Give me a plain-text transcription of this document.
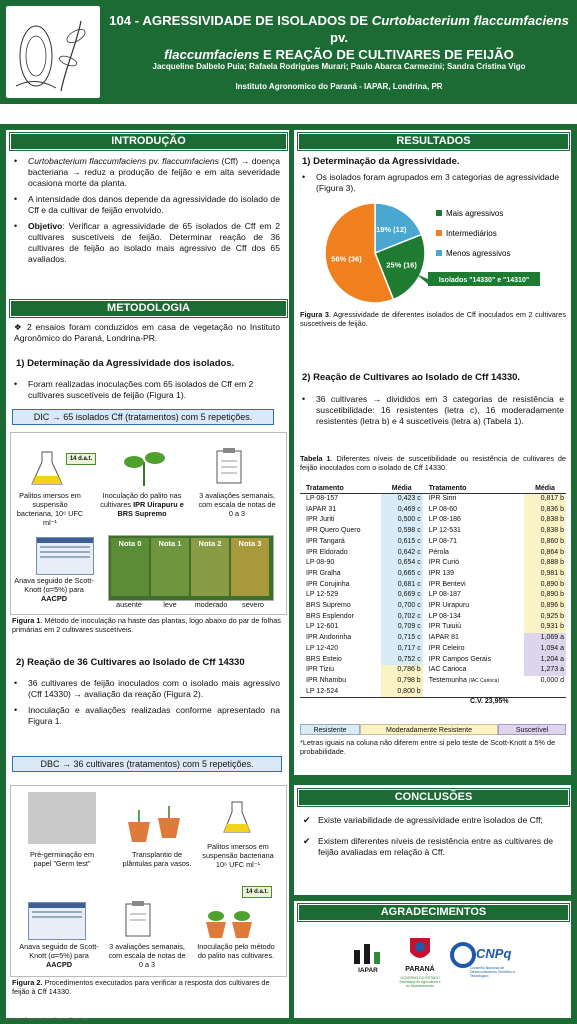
104 - AGRESSIVIDADE DE ISOLADOS DE Curtobacterium flaccumfaciens pv.
flaccumfaciens E REAÇÃO DE CULTIVARES DE FEIJÃO
Jacqueline Dalbelo Puia; Rafaela Rodrigues Murari; Paulo Abarca Carmezini; Sandra Cristina Vigo
Instituto Agronomico do Paraná - IAPAR, Londrina, PR
INTRODUÇÃO
• Curtobacterium flaccumfaciens pv. flaccumfaciens (Cff) → doença bacteriana → reduz a produção de feijão e em alta severidade ocasiona morte da planta.
• A intensidade dos danos depende da agressividade do isolado de Cff e da cultivar de feijão envolvido.
• Objetivo: Verificar a agressividade de 65 isolados de Cff em 2 cultivares suscetíveis de feijão. Determinar reação de 36 cultivares de feijão ao isolado mais agressivo de Cff dos 65 avaliados.
METODOLOGIA
❖ 2 ensaios foram conduzidos em casa de vegetação no Instituto Agronômico do Paraná, Londrina-PR.
1) Determinação da Agressividade dos isolados.
• Foram realizadas inoculações com 65 isolados de Cff em 2 cultivares suscetíveis de feijão (Figura 1).
DIC → 65 isolados Cff (tratamentos) com 5 repetições.
14 d.a.t.
Palitos imersos em suspensão bacteriana, 10⁶ UFC ml⁻¹
Inoculação do palito nas cultivares IPR Uirapuru e BRS Supremo
3 avaliações semanais, com escala de notas de 0 a 3
Anava seguido de Scott-Knott (α=5%) para AACPD
Nota 0	Nota 1	Nota 2	Nota 3
ausente	leve	moderado	severo
Figura 1. Método de inoculação na haste das plantas, logo abaixo do par de folhas primárias em 2 cultivares suscetíveis.
2) Reação de 36 Cultivares ao Isolado de Cff 14330
• 36 cultivares de feijão inoculados com o isolado mais agressivo (Cff 14330) → avaliação da reação (Figura 2).
• Inoculação e avaliações realizadas conforme apresentado na Figura 1.
DBC → 36 cultivares (tratamentos) com 5 repetições.
Pré-germinação em papel "Germ test"
Transplantio de plântulas para vasos.
Palitos imersos em suspensão bacteriana 10⁶ UFC ml⁻¹
14 d.a.t.
Anava seguido de Scott-Knott (α=5%) para AACPD
3 avaliações semanais, com escala de notas de 0 a 3
Inoculação pelo método do palito nas cultivares.
Figura 2. Procedimentos executados para verificar a resposta dos cultivares de feijão à Cff 14330.
RESULTADOS
1) Determinação da Agressividade.
• Os isolados foram agrupados em 3 categorias de agressividade (Figura 3).
19% (12)
25% (16)
56% (36)
Mais agressivos
Intermediários
Menos agressivos
Isolados "14330" e "14310"
Figura 3. Agressividade de diferentes isolados de Cff inoculados em 2 cultivares suscetíveis de feijão.
2) Reação de Cultivares ao Isolado de Cff 14330.
• 36 cultivares → divididos em 3 categorias de resistência e suscetibilidade: 16 resistentes (letra c), 16 moderadamente resistentes (letra b) e 4 suscetíveis (letra a) (Tabela 1).
Tabela 1. Diferentes níveis de suscetibilidade ou resistência de cultivares de feijão inoculados com o isolado de Cff 14330.
Tratamento	Média	Tratamento	Média
LP 08-157	0,423 c	IPR Siriri	0,817 b
IAPAR 31	0,469 c	LP 08-60	0,836 b
IPR Juriti	0,500 c	LP 08-186	0,838 b
IPR Quero Quero	0,598 c	LP 12-531	0,838 b
IPR Tangará	0,615 c	LP 08-71	0,860 b
IPR Eldorado	0,642 c	Pérola	0,864 b
LP 08-90	0,654 c	IPR Curió	0,888 b
IPR Gralha	0,665 c	IPR 139	0,981 b
IPR Corujinha	0,681 c	IPR Bentevi	0,890 b
LP 12-529	0,669 c	LP 08-187	0,890 b
BRS Supremo	0,700 c	IPR Uirapuru	0,896 b
BRS Esplendor	0,702 c	LP 08-134	0,925 b
LP 12-601	0,709 c	IPR Tuiuiú	0,931 b
IPR Andorinha	0,715 c	IAPAR 81	1,069 a
LP 12-420	0,717 c	IPR Celeiro	1,094 a
BRS Esteio	0,752 c	IPR Campos Gerais	1,204 a
IPR Tiziu	0,786 b	IAC Carioca	1,273 a
IPR Nhambu	0,798 b	Testemunha (IAC Carioca)	0,000 d
LP 12-524	0,800 b		
C.V. 23,95%
Resistente	Moderadamente Resistente	Suscetível
*Letras iguais na coluna não diferem entre si pelo teste de Scott-Knott a 5% de probabilidade.
CONCLUSÕES
✔ Existe variabilidade de agressividade entre isolados de Cff;
✔ Existem diferentes níveis de resistência entre as cultivares de feijão avaliadas em relação à Cff.
AGRADECIMENTOS
IAPAR	PARANÁ
GOVERNO DO ESTADO Secretaria da Agricultura e do Abastecimento
CNPq
Conselho Nacional de Desenvolvimento Científico e Tecnológico
Infoblos – Organização de Eventos Científicos
